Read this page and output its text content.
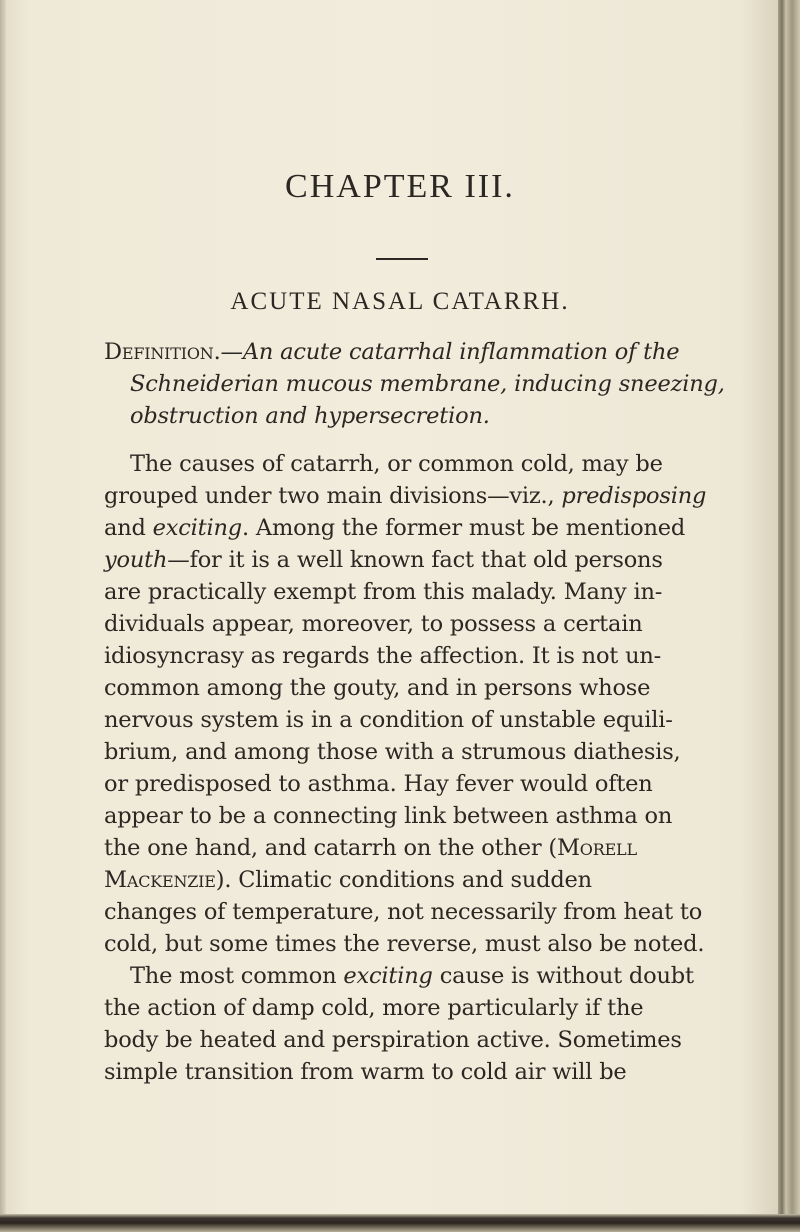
CHAPTER III.
ACUTE NASAL CATARRH.
Definition.—An acute catarrhal inflammation of the
Schneiderian mucous membrane, inducing sneezing,
obstruction and hypersecretion.
The causes of catarrh, or common cold, may be
grouped under two main divisions—viz., predisposing
and exciting. Among the former must be mentioned
youth—for it is a well known fact that old persons
are practically exempt from this malady. Many in-
dividuals appear, moreover, to possess a certain
idiosyncrasy as regards the affection. It is not un-
common among the gouty, and in persons whose
nervous system is in a condition of unstable equili-
brium, and among those with a strumous diathesis,
or predisposed to asthma. Hay fever would often
appear to be a connecting link between asthma on
the one hand, and catarrh on the other (Morell
Mackenzie). Climatic conditions and sudden
changes of temperature, not necessarily from heat to
cold, but some times the reverse, must also be noted.
The most common exciting cause is without doubt
the action of damp cold, more particularly if the
body be heated and perspiration active. Sometimes
simple transition from warm to cold air will be
